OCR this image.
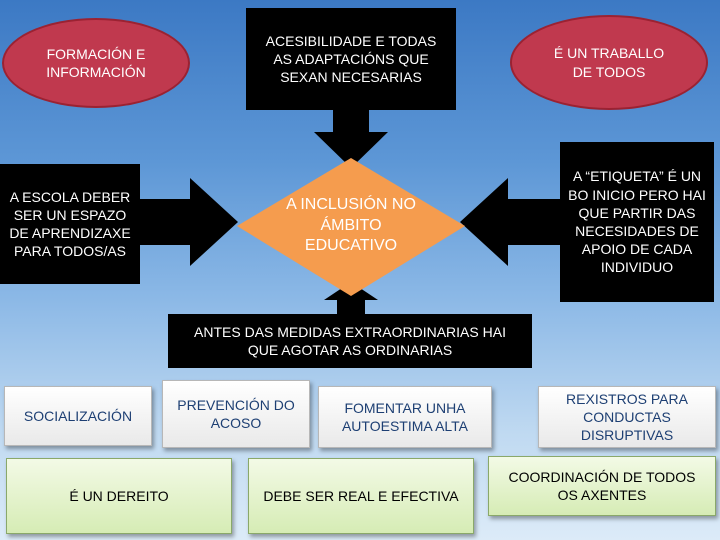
FORMACIÓN E INFORMACIÓN
ACESIBILIDADE E TODAS AS ADAPTACIÓNS QUE SEXAN NECESARIAS
É UN TRABALLO DE TODOS
A ESCOLA DEBER SER UN ESPAZO DE APRENDIZAXE PARA TODOS/AS
A INCLUSIÓN NO ÁMBITO EDUCATIVO
A “ETIQUETA” É UN BO INICIO PERO HAI QUE PARTIR DAS NECESIDADES DE APOIO DE CADA INDIVIDUO
ANTES DAS MEDIDAS EXTRAORDINARIAS HAI QUE AGOTAR AS ORDINARIAS
SOCIALIZACIÓN
PREVENCIÓN DO ACOSO
FOMENTAR UNHA AUTOESTIMA ALTA
REXISTROS PARA CONDUCTAS DISRUPTIVAS
É UN DEREITO	DEBE SER REAL E EFECTIVA
COORDINACIÓN DE TODOS OS AXENTES
